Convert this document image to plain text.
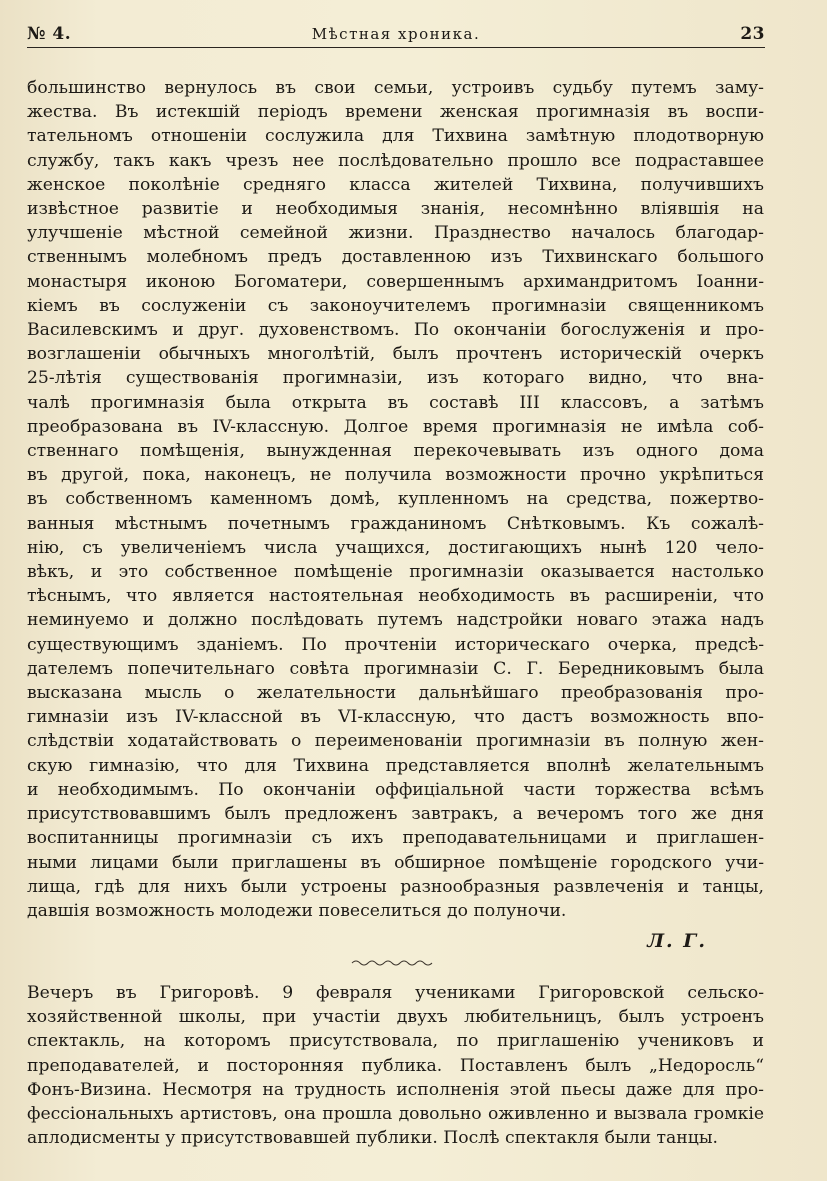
№ 4.	Мѣстная хроника.	23
большинство вернулось въ свои семьи, устроивъ судьбу путемъ заму-
жества. Въ истекшій періодъ времени женская прогимназія въ воспи-
тательномъ отношеніи сослужила для Тихвина замѣтную плодотворную
службу, такъ какъ чрезъ нее послѣдовательно прошло все подраставшее
женское поколѣніе средняго класса жителей Тихвина, получившихъ
извѣстное развитіе и необходимыя знанія, несомнѣнно вліявшія на
улучшеніе мѣстной семейной жизни. Празднество началось благодар-
ственнымъ молебномъ предъ доставленною изъ Тихвинскаго большого
монастыря иконою Богоматери, совершеннымъ архимандритомъ Іоанни-
кіемъ въ сослуженіи съ законоучителемъ прогимназіи священникомъ
Василевскимъ и друг. духовенствомъ. По окончаніи богослуженія и про-
возглашеніи обычныхъ многолѣтій, былъ прочтенъ историческій очеркъ
25-лѣтія существованія прогимназіи, изъ котораго видно, что вна-
чалѣ прогимназія была открыта въ составѣ III классовъ, а затѣмъ
преобразована въ IV-классную. Долгое время прогимназія не имѣла соб-
ственнаго помѣщенія, вынужденная перекочевывать изъ одного дома
въ другой, пока, наконецъ, не получила возможности прочно укрѣпиться
въ собственномъ каменномъ домѣ, купленномъ на средства, пожертво-
ванныя мѣстнымъ почетнымъ гражданиномъ Снѣтковымъ. Къ сожалѣ-
нію, съ увеличеніемъ числа учащихся, достигающихъ нынѣ 120 чело-
вѣкъ, и это собственное помѣщеніе прогимназіи оказывается настолько
тѣснымъ, что является настоятельная необходимость въ расширеніи, что
неминуемо и должно послѣдовать путемъ надстройки новаго этажа надъ
существующимъ зданіемъ. По прочтеніи историческаго очерка, предсѣ-
дателемъ попечительнаго совѣта прогимназіи С. Г. Бередниковымъ была
высказана мысль о желательности дальнѣйшаго преобразованія про-
гимназіи изъ IV-классной въ VI-классную, что дастъ возможность впо-
слѣдствіи ходатайствовать о переименованіи прогимназіи въ полную жен-
скую гимназію, что для Тихвина представляется вполнѣ желательнымъ
и необходимымъ. По окончаніи оффиціальной части торжества всѣмъ
присутствовавшимъ былъ предложенъ завтракъ, а вечеромъ того же дня
воспитанницы прогимназіи съ ихъ преподавательницами и приглашен-
ными лицами были приглашены въ обширное помѣщеніе городского учи-
лища, гдѣ для нихъ были устроены разнообразныя развлеченія и танцы,
давшія возможность молодежи повеселиться до полуночи.
Л. Г.
Вечеръ въ Григоровѣ. 9 февраля учениками Григоровской сельско-
хозяйственной школы, при участіи двухъ любительницъ, былъ устроенъ
спектакль, на которомъ присутствовала, по приглашенію учениковъ и
преподавателей, и посторонняя публика. Поставленъ былъ „Недоросль“
Фонъ-Визина. Несмотря на трудность исполненія этой пьесы даже для про-
фессіональныхъ артистовъ, она прошла довольно оживленно и вызвала громкіе
аплодисменты у присутствовавшей публики. Послѣ спектакля были танцы.
